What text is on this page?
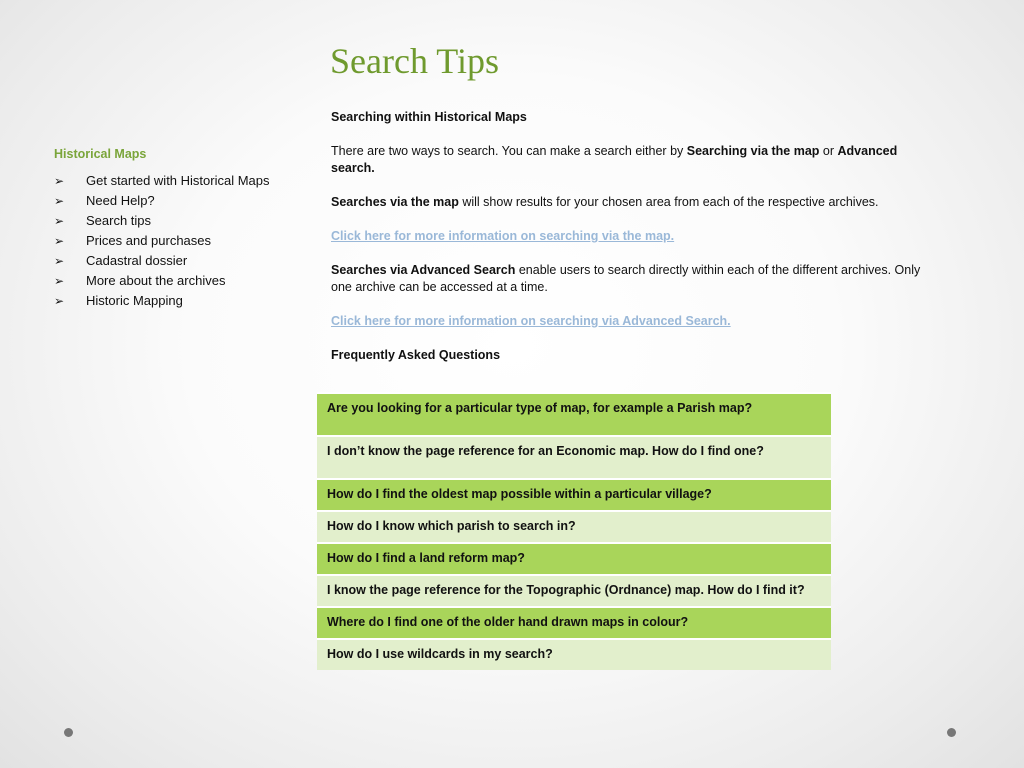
Search Tips

Historical Maps

➢ Get started with Historical Maps
➢ Need Help?
➢ Search tips
➢ Prices and purchases
➢ Cadastral dossier
➢ More about the archives
➢ Historic Mapping

Searching within Historical Maps

There are two ways to search. You can make a search either by Searching via the map or Advanced search.

Searches via the map will show results for your chosen area from each of the respective archives.

Click here for more information on searching via the map.

Searches via Advanced Search enable users to search directly within each of the different archives. Only one archive can be accessed at a time.

Click here for more information on searching via Advanced Search.

Frequently Asked Questions

Are you looking for a particular type of map, for example a Parish map?
I don’t know the page reference for an Economic map. How do I find one?
How do I find the oldest map possible within a particular village?
How do I know which parish to search in?
How do I find a land reform map?
I know the page reference for the Topographic (Ordnance) map. How do I find it?
Where do I find one of the older hand drawn maps in colour?
How do I use wildcards in my search?
